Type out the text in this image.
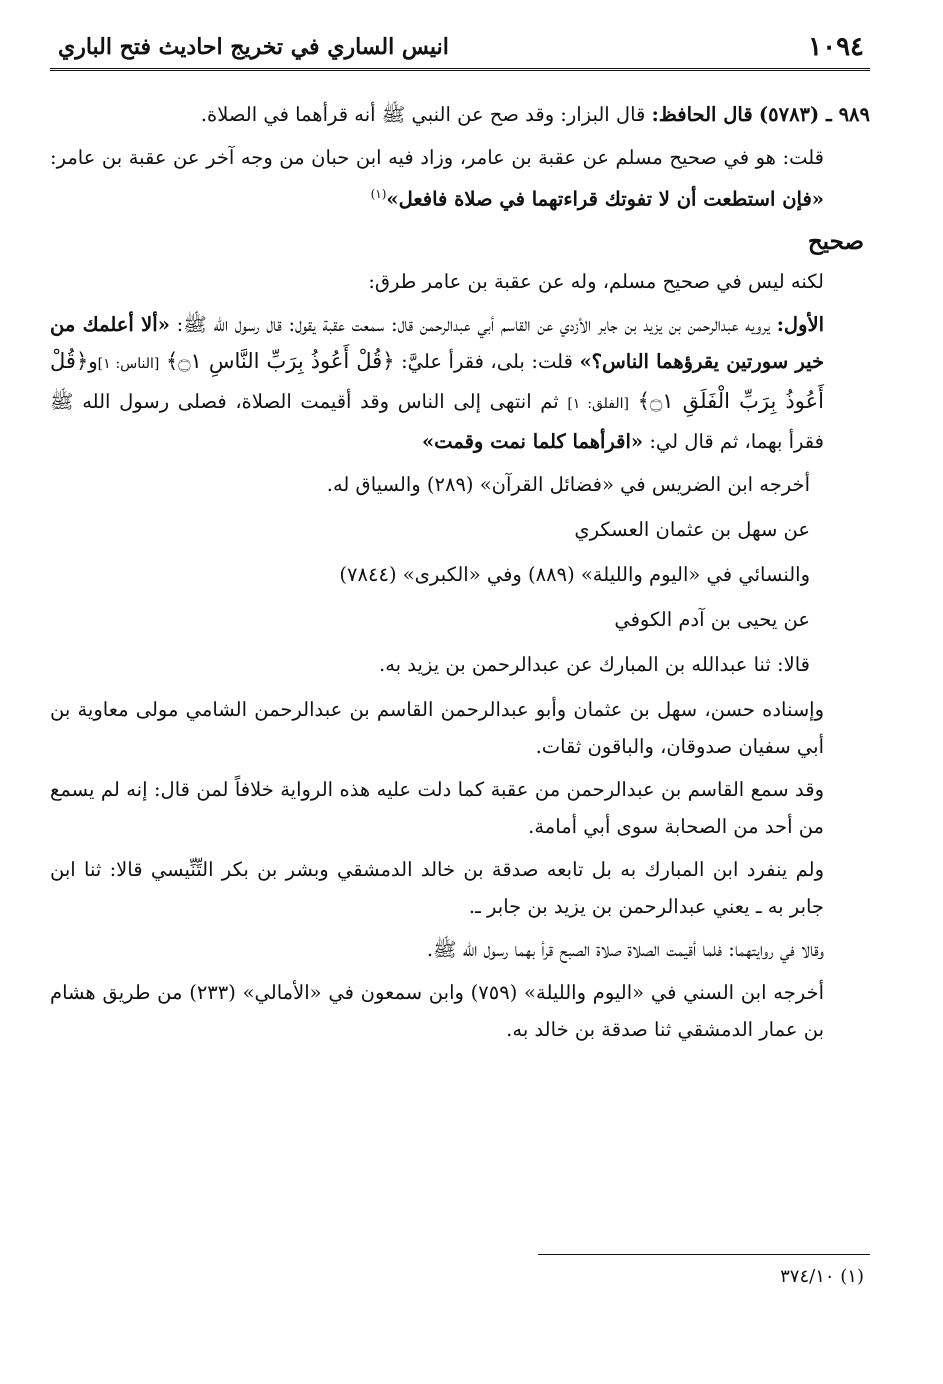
١٠٩٤
انيس الساري في تخريج احاديث فتح الباري

٩٨٩ ـ (٥٧٨٣) قال الحافظ: قال البزار: وقد صح عن النبي ﷺ أنه قرأهما في الصلاة.

قلت: هو في صحيح مسلم عن عقبة بن عامر، وزاد فيه ابن حبان من وجه آخر عن عقبة بن عامر: «فإن استطعت أن لا تفوتك قراءتهما في صلاة فافعل»$^{(١)}$

صحيح

لكنه ليس في صحيح مسلم، وله عن عقبة بن عامر طرق:

الأول: يرويه عبدالرحمن بن يزيد بن جابر الأزدي عن القاسم أبي عبدالرحمن قال: سمعت عقبة يقول: قال رسول الله ﷺ: «ألا أعلمك من خير سورتين يقرؤهما الناس؟» قلت: بلى، فقرأ عليَّ: ﴿قُلْ أَعُوذُ بِرَبِّ النَّاسِ ۝١﴾ [الناس: ١]و﴿قُلْ أَعُوذُ بِرَبِّ الْفَلَقِ ۝١﴾ [الفلق: ١] ثم انتهى إلى الناس وقد أقيمت الصلاة، فصلى رسول الله ﷺ فقرأ بهما، ثم قال لي: «اقرأهما كلما نمت وقمت»

أخرجه ابن الضريس في «فضائل القرآن» (٢٨٩) والسياق له.

عن سهل بن عثمان العسكري

والنسائي في «اليوم والليلة» (٨٨٩) وفي «الكبرى» (٧٨٤٤)

عن يحيى بن آدم الكوفي

قالا: ثنا عبدالله بن المبارك عن عبدالرحمن بن يزيد به.

وإسناده حسن، سهل بن عثمان وأبو عبدالرحمن القاسم بن عبدالرحمن الشامي مولى معاوية بن أبي سفيان صدوقان، والباقون ثقات.

وقد سمع القاسم بن عبدالرحمن من عقبة كما دلت عليه هذه الرواية خلافاً لمن قال: إنه لم يسمع من أحد من الصحابة سوى أبي أمامة.

ولم ينفرد ابن المبارك به بل تابعه صدقة بن خالد الدمشقي وبشر بن بكر التِّنِّيسي قالا: ثنا ابن جابر به ـ يعني عبدالرحمن بن يزيد بن جابر ـ.

وقالا في روايتهما: فلما أقيمت الصلاة صلاة الصبح قرأ بهما رسول الله ﷺ.

أخرجه ابن السني في «اليوم والليلة» (٧٥٩) وابن سمعون في «الأمالي» (٢٣٣) من طريق هشام بن عمار الدمشقي ثنا صدقة بن خالد به.

(١) ٣٧٤/١٠
